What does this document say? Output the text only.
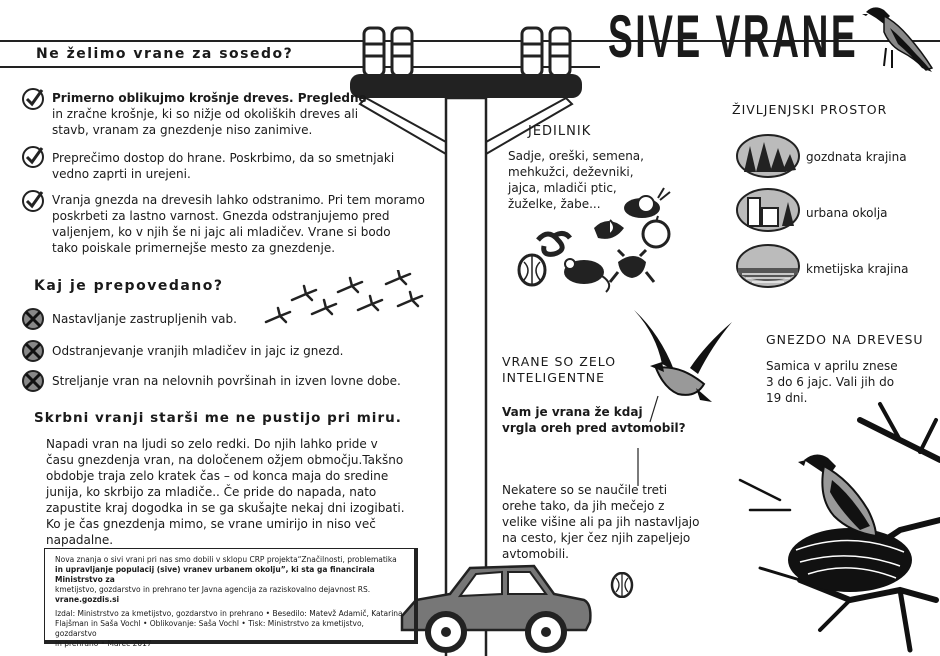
SIVE VRANE
Ne želimo vrane za sosedo?
Primerno oblikujmo krošnje dreves. Pregledne
in zračne krošnje, ki so nižje od okoliških dreves ali
stavb, vranam za gnezdenje niso zanimive.
Preprečimo dostop do hrane. Poskrbimo, da so smetnjaki
vedno zaprti in urejeni.
Vranja gnezda na drevesih lahko odstranimo. Pri tem moramo
poskrbeti za lastno varnost. Gnezda odstranjujemo pred
valjenjem, ko v njih še ni jajc ali mladičev. Vrane si bodo
tako poiskale primernejše mesto za gnezdenje.
Kaj je prepovedano?
Nastavljanje zastrupljenih vab.
Odstranjevanje vranjih mladičev in jajc iz gnezd.
Streljanje vran na nelovnih površinah in izven lovne dobe.
Skrbni vranji starši me ne pustijo pri miru.
Napadi vran na ljudi so zelo redki. Do njih lahko pride v
času gnezdenja vran, na določenem ožjem območju.Takšno
obdobje traja zelo kratek čas – od konca maja do sredine
junija, ko skrbijo za mladiče.. Če pride do napada, nato
zapustite kraj dogodka in se ga skušajte nekaj dni izogibati.
Ko je čas gnezdenja mimo, se vrane umirijo in niso več
napadalne.

Nova znanja o sivi vrani pri nas smo dobili v sklopu CRP projekta“Značilnosti, problematika
in upravljanje populacij (sive) vranev urbanem okolju”, ki sta ga financirala Ministrstvo za
kmetijstvo, gozdarstvo in prehrano ter Javna agencija za raziskovalno dejavnost RS.
vrane.gozdis.si

Izdal: Ministrstvo za kmetijstvo, gozdarstvo in prehrano • Besedilo: Matevž Adamič, Katarina
Flajšman in Saša Vochl • Oblikovanje: Saša Vochl • Tisk: Ministrstvo za kmetijstvo, gozdarstvo
in prehrano • Marec 2017

JEDILNIK
Sadje, oreški, semena,
mehkužci, deževniki,
jajca, mladiči ptic,
žuželke, žabe...
VRANE SO ZELO
INTELIGENTNE
Vam je vrana že kdaj
vrgla oreh pred avtomobil?
Nekatere so se naučile treti
orehe tako, da jih mečejo z
velike višine ali pa jih nastavljajo
na cesto, kjer čez njih zapeljejo
avtomobili.
ŽIVLJENJSKI PROSTOR
gozdnata krajina
urbana okolja
kmetijska krajina
GNEZDO NA DREVESU
Samica v aprilu znese
3 do 6 jajc. Vali jih do
19 dni.
